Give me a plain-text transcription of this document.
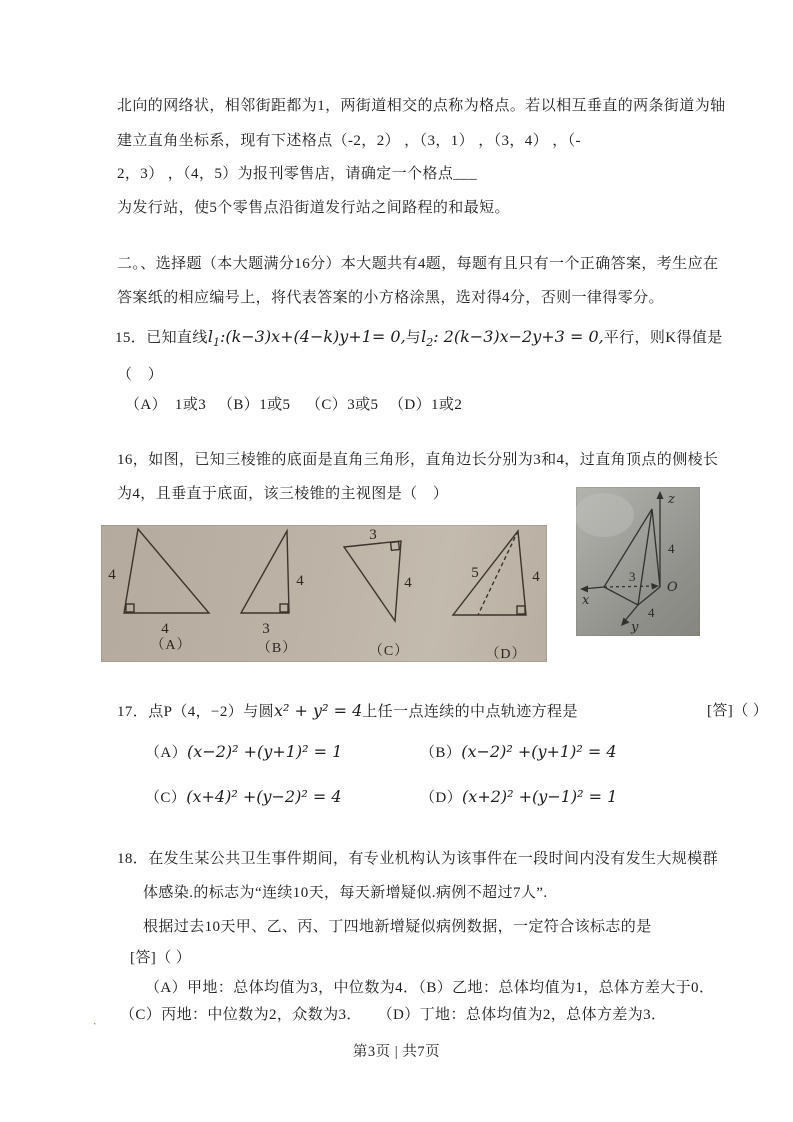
北向的网络状，相邻街距都为1，两街道相交的点称为格点。若以相互垂直的两条街道为轴
建立直角坐标系，现有下述格点（-2，2） ，（3，1） ，（3，4） ，（-
2，3） ，（4，5）为报刊零售店，请确定一个格点___
为发行站，使5个零售点沿街道发行站之间路程的和最短。
二。、选择题（本大题满分16分）本大题共有4题，每题有且只有一个正确答案，考生应在
答案纸的相应编号上，将代表答案的小方格涂黑，选对得4分，否则一律得零分。
15．已知直线$l_1:(k-3)x+(4-k)y+1= 0$,与$l_2$: 2(k−3)x−2y+3 = 0,平行，则K得值是
（　）
（A）　1或3 （B）1或5 （C）3或5 （D）1或2
16，如图，已知三棱锥的底面是直角三角形，直角边长分别为3和4，过直角顶点的侧棱长
为4，且垂直于底面，该三棱锥的主视图是（　）
4
4
4
3
3
4
5	4
（A）	（B）	（C）	（D）
z
x
y
O
4
3
4
17．点P（4，−2）与圆x² + y² = 4上任一点连续的中点轨迹方程是	[答]（ ）
（A）(x−2)² +(y+1)² = 1	（B）(x−2)² +(y+1)² = 4
（C）(x+4)² +(y−2)² = 4	（D）(x+2)² +(y−1)² = 1
18．在发生某公共卫生事件期间，有专业机构认为该事件在一段时间内没有发生大规模群
体感染.的标志为“连续10天，每天新增疑似.病例不超过7人”.
根据过去10天甲、乙、丙、丁四地新增疑似病例数据，一定符合该标志的是
[答]（ ）
（A）甲地：总体均值为3，中位数为4．（B）乙地：总体均值为1，总体方差大于0．
． （C）丙地：中位数为2，众数为3．　　（D）丁地：总体均值为2，总体方差为3．
第3页 | 共7页
